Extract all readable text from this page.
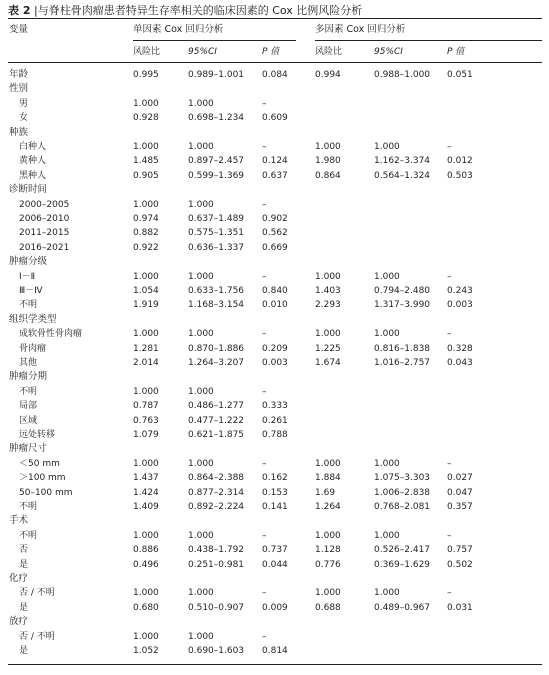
表 2 |与脊柱骨肉瘤患者特异生存率相关的临床因素的 Cox 比例风险分析
变量	单因素 Cox 回归分析	多因素 Cox 回归分析
风险比	95%CI	P 值	风险比	95%CI	P 值
年龄	0.995	0.989–1.001 0.084	0.994	0.988–1.000 0.051
性别
男	1.000	1.000	–
女	0.928	0.698–1.234 0.609
种族
白种人	1.000	1.000	–	1.000	1.000	–
黄种人	1.485	0.897–2.457 0.124	1.980	1.162–3.374 0.012
黑种人	0.905	0.599–1.369 0.637	0.864	0.564–1.324 0.503
诊断时间
2000–2005	1.000	1.000	–
2006–2010	0.974	0.637–1.489 0.902
2011–2015	0.882	0.575–1.351 0.562
2016–2021	0.922	0.636–1.337 0.669
肿瘤分级
Ⅰ－Ⅱ	1.000	1.000	–	1.000	1.000	–
Ⅲ－Ⅳ	1.054	0.633–1.756 0.840	1.403	0.794–2.480 0.243
不明	1.919	1.168–3.154 0.010	2.293	1.317–3.990 0.003
组织学类型
成软骨性骨肉瘤	1.000	1.000	–	1.000	1.000	–
骨肉瘤	1.281	0.870–1.886 0.209	1.225	0.816–1.838 0.328
其他	2.014	1.264–3.207 0.003	1.674	1.016–2.757 0.043
肿瘤分期
不明	1.000	1.000	–
局部	0.787	0.486–1.277 0.333
区域	0.763	0.477–1.222 0.261
远处转移	1.079	0.621–1.875 0.788
肿瘤尺寸
＜50 mm	1.000	1.000	–	1.000	1.000	–
＞100 mm	1.437	0.864–2.388 0.162	1.884	1.075–3.303 0.027
50–100 mm	1.424	0.877–2.314 0.153	1.69	1.006–2.838 0.047
不明	1.409	0.892–2.224 0.141	1.264	0.768–2.081 0.357
手术
不明	1.000	1.000	–	1.000	1.000	–
否	0.886	0.438–1.792 0.737	1.128	0.526–2.417 0.757
是	0.496	0.251–0.981 0.044	0.776	0.369–1.629 0.502
化疗
否 / 不明	1.000	1.000	–	1.000	1.000	–
是	0.680	0.510–0.907 0.009	0.688	0.489–0.967 0.031
放疗
否 / 不明	1.000	1.000	–
是	1.052	0.690–1.603 0.814
